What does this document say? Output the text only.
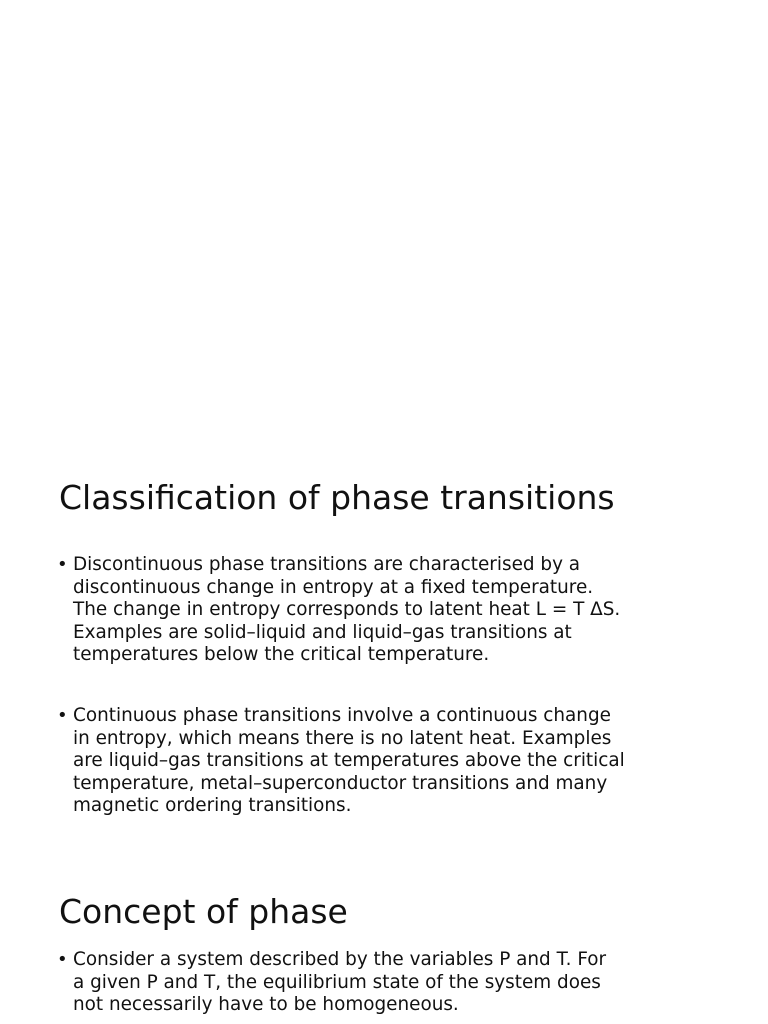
Classification of phase transitions
• Discontinuous phase transitions are characterised by a
discontinuous change in entropy at a fixed temperature.
The change in entropy corresponds to latent heat L = T ΔS.
Examples are solid–liquid and liquid–gas transitions at
temperatures below the critical temperature.
• Continuous phase transitions involve a continuous change
in entropy, which means there is no latent heat. Examples
are liquid–gas transitions at temperatures above the critical
temperature, metal–superconductor transitions and many
magnetic ordering transitions.
Concept of phase
• Consider a system described by the variables P and T. For
a given P and T, the equilibrium state of the system does
not necessarily have to be homogeneous.
